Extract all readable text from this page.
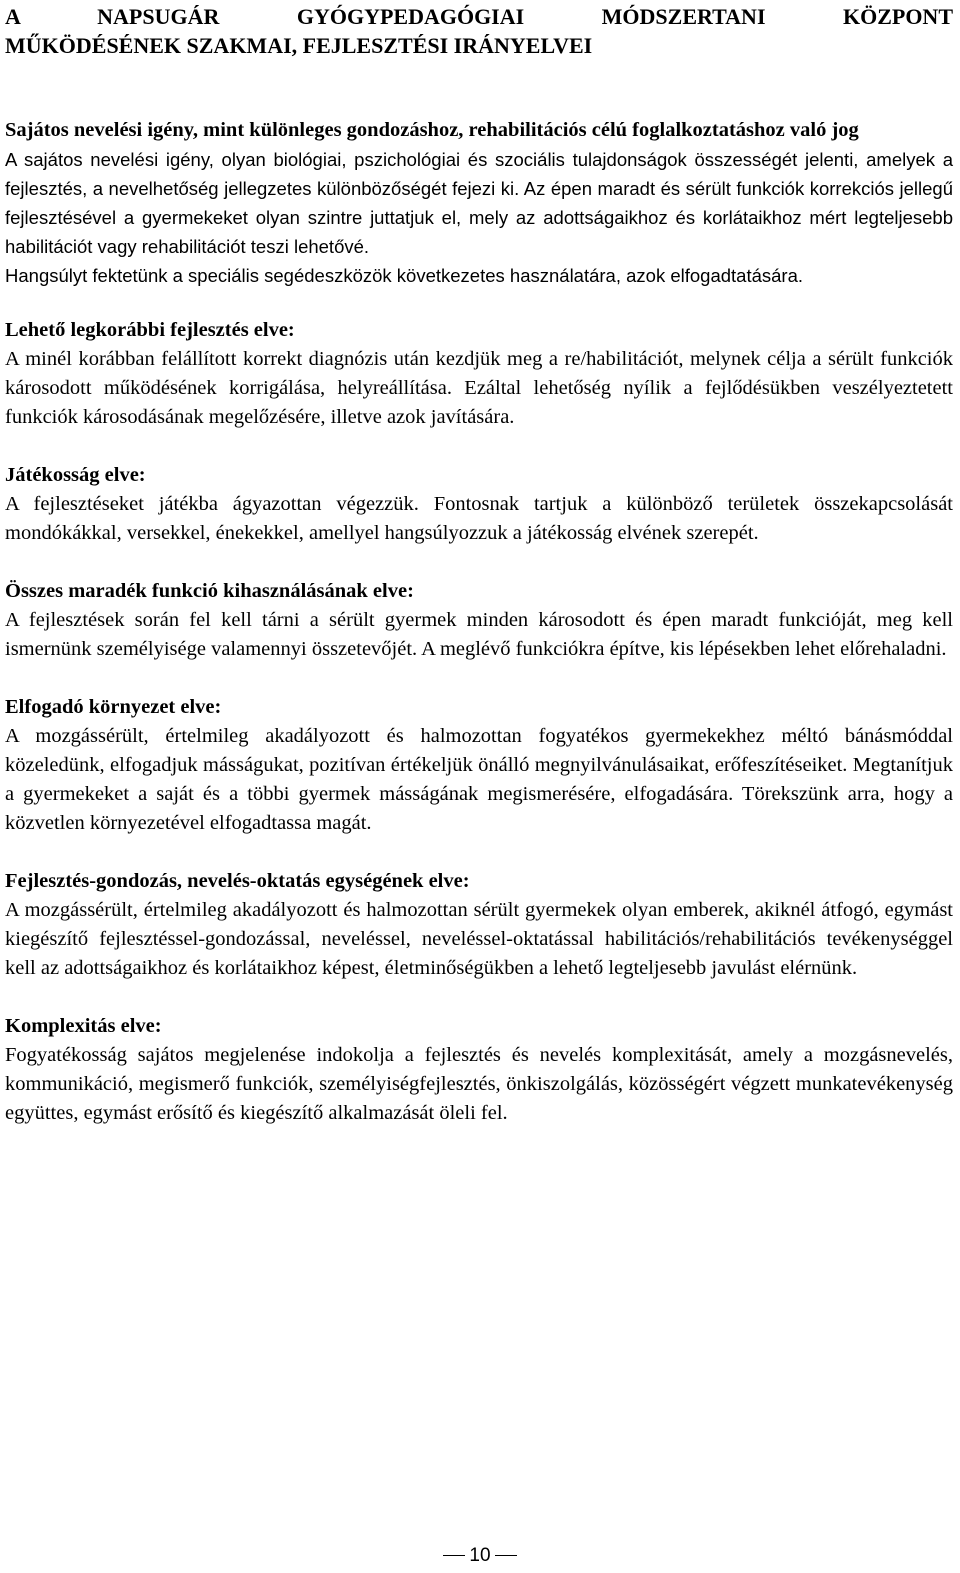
A NAPSUGÁR GYÓGYPEDAGÓGIAI MÓDSZERTANI KÖZPONT

MŰKÖDÉSÉNEK SZAKMAI, FEJLESZTÉSI IRÁNYELVEI

Sajátos nevelési igény, mint különleges gondozáshoz, rehabilitációs célú foglalkoztatáshoz való jog

A sajátos nevelési igény, olyan biológiai, pszichológiai és szociális tulajdonságok összességét jelenti, amelyek a fejlesztés, a nevelhetőség jellegzetes különbözőségét fejezi ki. Az épen maradt és sérült funkciók korrekciós jellegű fejlesztésével a gyermekeket olyan szintre juttatjuk el, mely az adottságaikhoz és korlátaikhoz mért legteljesebb habilitációt vagy rehabilitációt teszi lehetővé.

Hangsúlyt fektetünk a speciális segédeszközök következetes használatára, azok elfogadtatására.

Lehető legkorábbi fejlesztés elve:

A minél korábban felállított korrekt diagnózis után kezdjük meg a re/habilitációt, melynek célja a sérült funkciók károsodott működésének korrigálása, helyreállítása. Ezáltal lehetőség nyílik a fejlődésükben veszélyeztetett funkciók károsodásának megelőzésére, illetve azok javítására.

Játékosság elve:

A fejlesztéseket játékba ágyazottan végezzük. Fontosnak tartjuk a különböző területek összekapcsolását mondókákkal, versekkel, énekekkel, amellyel hangsúlyozzuk a játékosság elvének szerepét.

Összes maradék funkció kihasználásának elve:

A fejlesztések során fel kell tárni a sérült gyermek minden károsodott és épen maradt funkcióját, meg kell ismernünk személyisége valamennyi összetevőjét. A meglévő funkciókra építve, kis lépésekben lehet előrehaladni.

Elfogadó környezet elve:

A mozgássérült, értelmileg akadályozott és halmozottan fogyatékos gyermekekhez méltó bánásmóddal közeledünk, elfogadjuk másságukat, pozitívan értékeljük önálló megnyilvánulásaikat, erőfeszítéseiket. Megtanítjuk a gyermekeket a saját és a többi gyermek másságának megismerésére, elfogadására. Törekszünk arra, hogy a közvetlen környezetével elfogadtassa magát.

Fejlesztés-gondozás, nevelés-oktatás egységének elve:

A mozgássérült, értelmileg akadályozott és halmozottan sérült gyermekek olyan emberek, akiknél átfogó, egymást kiegészítő fejlesztéssel-gondozással, neveléssel, neveléssel-oktatással habilitációs/rehabilitációs tevékenységgel kell az adottságaikhoz és korlátaikhoz képest, életminőségükben a lehető legteljesebb javulást elérnünk.

Komplexitás elve:

Fogyatékosság sajátos megjelenése indokolja a fejlesztés és nevelés komplexitását, amely a mozgásnevelés, kommunikáció, megismerő funkciók, személyiségfejlesztés, önkiszolgálás, közösségért végzett munkatevékenység együttes, egymást erősítő és kiegészítő alkalmazását öleli fel.

10
